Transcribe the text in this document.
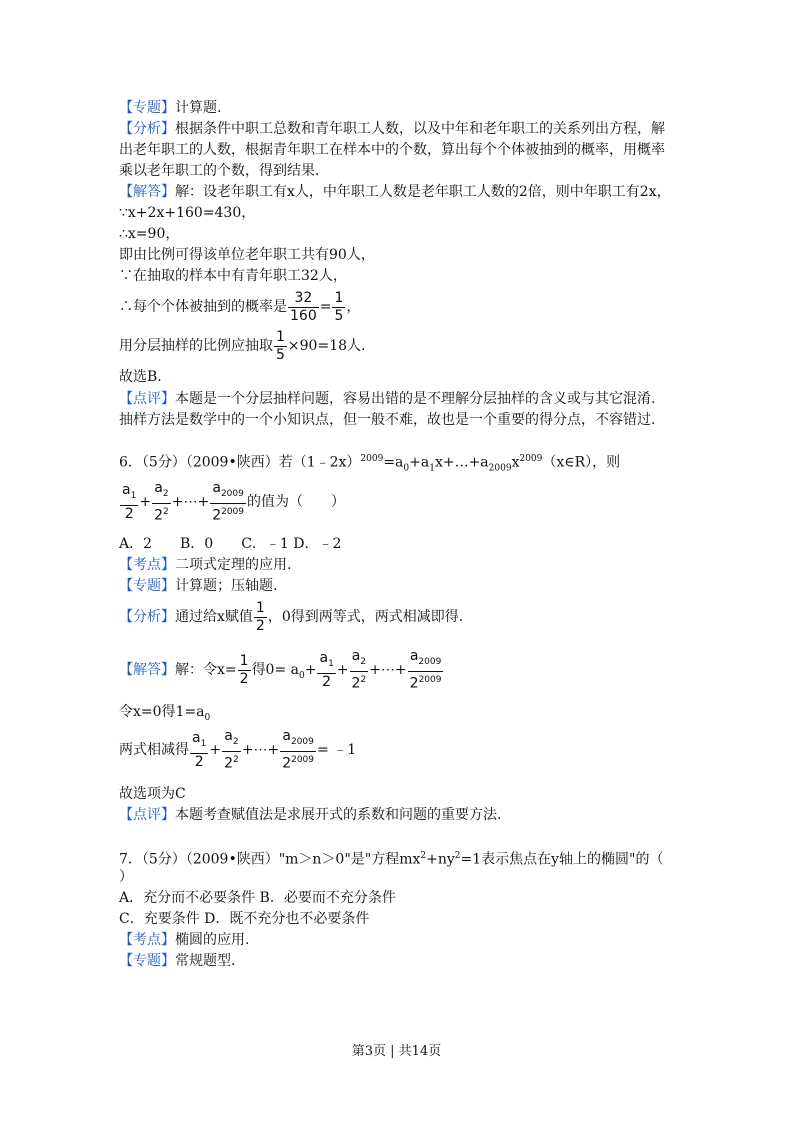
【专题】计算题.
【分析】根据条件中职工总数和青年职工人数，以及中年和老年职工的关系列出方程，解
出老年职工的人数，根据青年职工在样本中的个数，算出每个个体被抽到的概率，用概率
乘以老年职工的个数，得到结果.
【解答】解：设老年职工有x人，中年职工人数是老年职工人数的2倍，则中年职工有2x，
∵x+2x+160=430，
∴x=90，
即由比例可得该单位老年职工共有90人，
∵在抽取的样本中有青年职工32人，
∴每个个体被抽到的概率是 $\frac{32}{160} = \frac{1}{5}$ ，
用分层抽样的比例应抽取 $\frac{1}{5} \times 90=18$人.
故选B.
【点评】本题是一个分层抽样问题，容易出错的是不理解分层抽样的含义或与其它混淆.
抽样方法是数学中的一个小知识点，但一般不难，故也是一个重要的得分点，不容错过.
6．（5分）（2009•陕西）若$(1﹣2x)^{2009}=a_0+a_1x+\dots+a_{2009}x^{2009}(x\in R)$，则
$\frac{a_1}{2} + \frac{a_2}{2^2}$ +⋯+ $\frac{a_{2009}}{2^{2009}}$ 的值为（　　）
A．2　　B．0　　C．﹣1 D．﹣2
【考点】二项式定理的应用.
【专题】计算题；压轴题.
【分析】通过给x赋值 $\frac{1}{2}$ ，0得到两等式，两式相减即得.
【解答】解：令$x= \frac{1}{2}$ 得$0= a_0+ \frac{a_1}{2} + \frac{a_2}{2^2}$ +⋯+ $\frac{a_{2009}}{2^{2009}}$
令x=0得$1=a_0$
两式相减得 $\frac{a_1}{2} + \frac{a_2}{2^2}$ +⋯+ $\frac{a_{2009}}{2^{2009}}$ = ﹣1
故选项为C
【点评】本题考查赋值法是求展开式的系数和问题的重要方法.
7．（5分）（2009•陕西）"m＞n＞0"是"方程$mx^2+ny^2=1$表示焦点在y轴上的椭圆"的（
）
A．充分而不必要条件 B．必要而不充分条件
C．充要条件 D．既不充分也不必要条件
【考点】椭圆的应用.
【专题】常规题型.
第3页 | 共14页
